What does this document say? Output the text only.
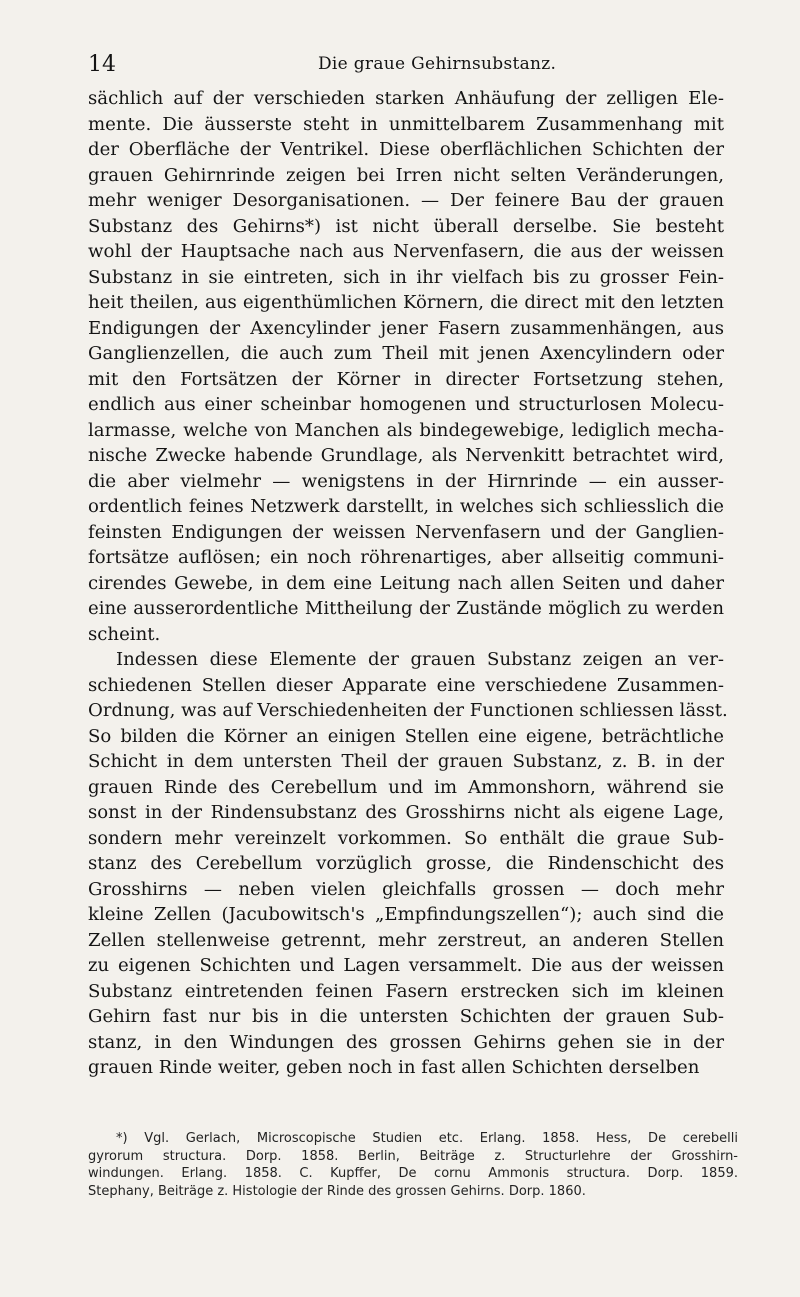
14	Die graue Gehirnsubstanz.
sächlich auf der verschieden starken Anhäufung der zelligen Ele-
mente. Die äusserste steht in unmittelbarem Zusammenhang mit
der Oberfläche der Ventrikel. Diese oberflächlichen Schichten der
grauen Gehirnrinde zeigen bei Irren nicht selten Veränderungen,
mehr weniger Desorganisationen. — Der feinere Bau der grauen
Substanz des Gehirns*) ist nicht überall derselbe. Sie besteht
wohl der Hauptsache nach aus Nervenfasern, die aus der weissen
Substanz in sie eintreten, sich in ihr vielfach bis zu grosser Fein-
heit theilen, aus eigenthümlichen Körnern, die direct mit den letzten
Endigungen der Axencylinder jener Fasern zusammenhängen, aus
Ganglienzellen, die auch zum Theil mit jenen Axencylindern oder
mit den Fortsätzen der Körner in directer Fortsetzung stehen,
endlich aus einer scheinbar homogenen und structurlosen Molecu-
larmasse, welche von Manchen als bindegewebige, lediglich mecha-
nische Zwecke habende Grundlage, als Nervenkitt betrachtet wird,
die aber vielmehr — wenigstens in der Hirnrinde — ein ausser-
ordentlich feines Netzwerk darstellt, in welches sich schliesslich die
feinsten Endigungen der weissen Nervenfasern und der Ganglien-
fortsätze auflösen; ein noch röhrenartiges, aber allseitig communi-
cirendes Gewebe, in dem eine Leitung nach allen Seiten und daher
eine ausserordentliche Mittheilung der Zustände möglich zu werden
scheint.
Indessen diese Elemente der grauen Substanz zeigen an ver-
schiedenen Stellen dieser Apparate eine verschiedene Zusammen-
Ordnung, was auf Verschiedenheiten der Functionen schliessen lässt.
So bilden die Körner an einigen Stellen eine eigene, beträchtliche
Schicht in dem untersten Theil der grauen Substanz, z. B. in der
grauen Rinde des Cerebellum und im Ammonshorn, während sie
sonst in der Rindensubstanz des Grosshirns nicht als eigene Lage,
sondern mehr vereinzelt vorkommen. So enthält die graue Sub-
stanz des Cerebellum vorzüglich grosse, die Rindenschicht des
Grosshirns — neben vielen gleichfalls grossen — doch mehr
kleine Zellen (Jacubowitsch's „Empfindungszellen“); auch sind die
Zellen stellenweise getrennt, mehr zerstreut, an anderen Stellen
zu eigenen Schichten und Lagen versammelt. Die aus der weissen
Substanz eintretenden feinen Fasern erstrecken sich im kleinen
Gehirn fast nur bis in die untersten Schichten der grauen Sub-
stanz, in den Windungen des grossen Gehirns gehen sie in der
grauen Rinde weiter, geben noch in fast allen Schichten derselben
*) Vgl. Gerlach, Microscopische Studien etc. Erlang. 1858. Hess, De cerebelli
gyrorum structura. Dorp. 1858. Berlin, Beiträge z. Structurlehre der Grosshirn-
windungen. Erlang. 1858. C. Kupffer, De cornu Ammonis structura. Dorp. 1859.
Stephany, Beiträge z. Histologie der Rinde des grossen Gehirns. Dorp. 1860.
